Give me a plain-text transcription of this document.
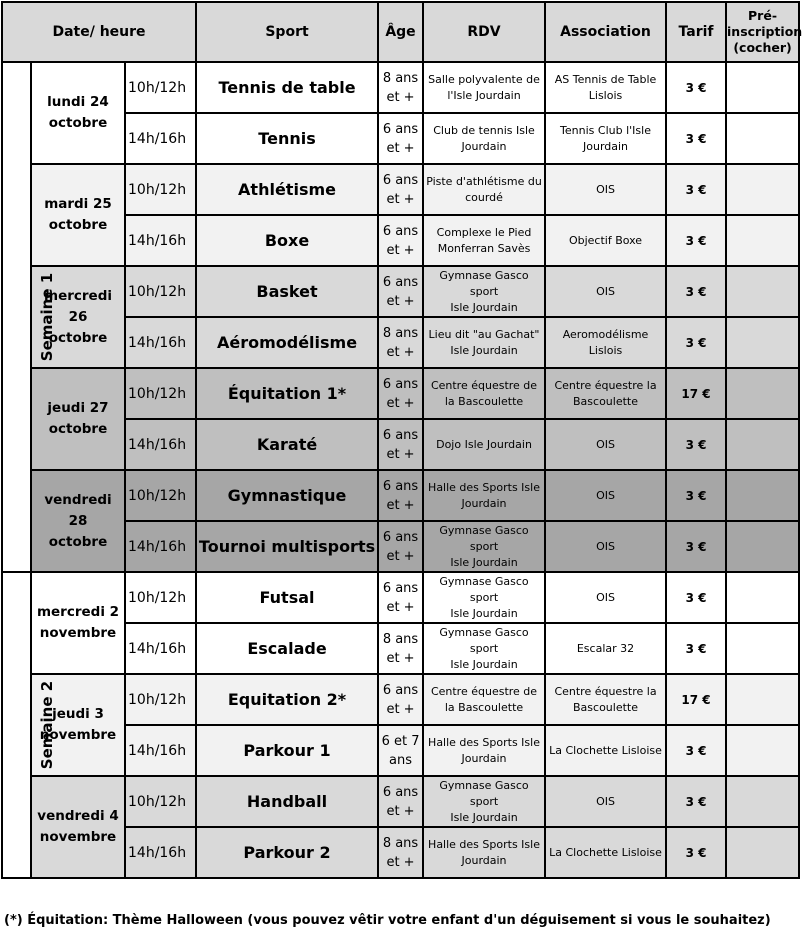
Date/ heure			Sport	Âge	RDV	Association	Tarif	Pré-
inscription
(cocher)
Semaine 1	lundi 24
octobre	10h/12h	Tennis de table	8 ans
et +	Salle polyvalente de
l'Isle Jourdain	AS Tennis de Table
Lislois	3 €	
		14h/16h	Tennis	6 ans
et +	Club de tennis Isle
Jourdain	Tennis Club l'Isle
Jourdain	3 €	
	mardi 25
octobre	10h/12h	Athlétisme	6 ans
et +	Piste d'athlétisme du
courdé	OIS	3 €	
		14h/16h	Boxe	6 ans
et +	Complexe le Pied
Monferran Savès	Objectif Boxe	3 €	
	mercredi 26
octobre	10h/12h	Basket	6 ans
et +	Gymnase Gasco sport
Isle Jourdain	OIS	3 €	
		14h/16h	Aéromodélisme	8 ans
et +	Lieu dit "au Gachat"
Isle Jourdain	Aeromodélisme
Lislois	3 €	
	jeudi 27
octobre	10h/12h	Équitation 1*	6 ans
et +	Centre équestre de
la Bascoulette	Centre équestre la
Bascoulette	17 €	
		14h/16h	Karaté	6 ans
et +	Dojo Isle Jourdain	OIS	3 €	
	vendredi 28
octobre	10h/12h	Gymnastique	6 ans
et +	Halle des Sports Isle
Jourdain	OIS	3 €	
		14h/16h	Tournoi multisports	6 ans
et +	Gymnase Gasco sport
Isle Jourdain	OIS	3 €	
Semaine 2	mercredi 2
novembre	10h/12h	Futsal	6 ans
et +	Gymnase Gasco sport
Isle Jourdain	OIS	3 €	
		14h/16h	Escalade	8 ans
et +	Gymnase Gasco sport
Isle Jourdain	Escalar 32	3 €	
	jeudi 3
novembre	10h/12h	Equitation 2*	6 ans
et +	Centre équestre de
la Bascoulette	Centre équestre la
Bascoulette	17 €	
		14h/16h	Parkour 1	6 et 7
ans	Halle des Sports Isle
Jourdain	La Clochette Lisloise	3 €	
	vendredi 4
novembre	10h/12h	Handball	6 ans
et +	Gymnase Gasco sport
Isle Jourdain	OIS	3 €	
		14h/16h	Parkour 2	8 ans
et +	Halle des Sports Isle
Jourdain	La Clochette Lisloise	3 €	
(*) Équitation: Thème Halloween (vous pouvez vêtir votre enfant d'un déguisement si vous le souhaitez)
